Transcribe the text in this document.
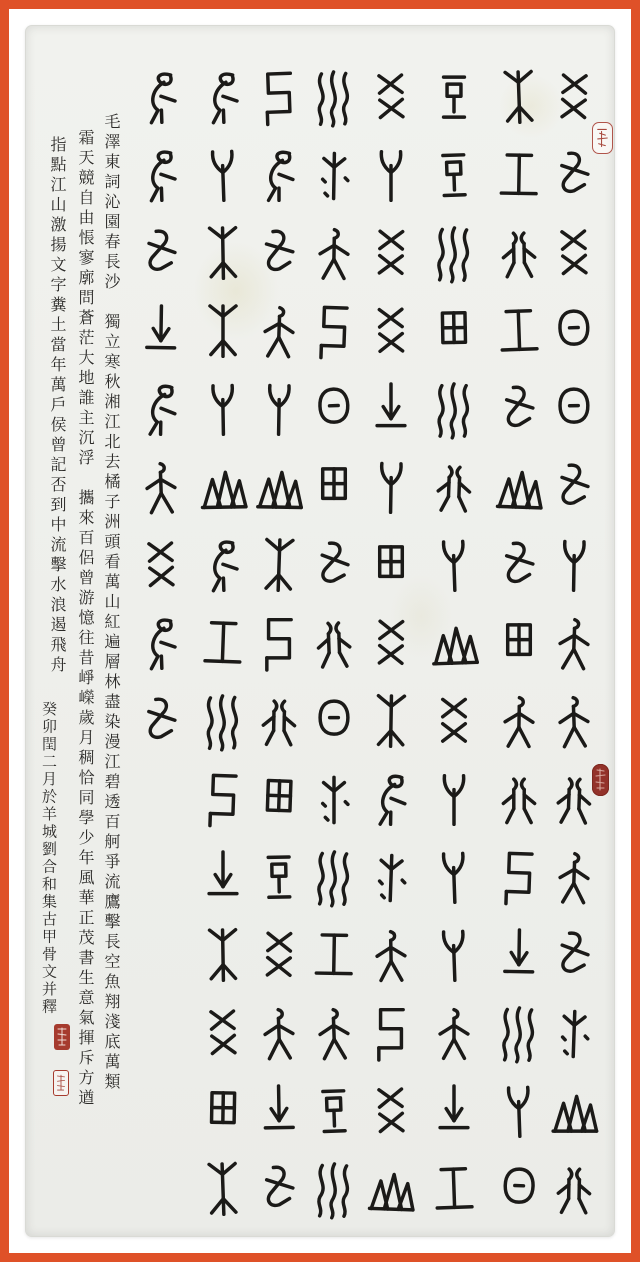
毛澤東詞沁園春長沙　獨立寒秋湘江北去橘子洲頭看萬山紅遍層林盡染漫江碧透百舸爭流鷹擊長空魚翔淺底萬類
霜天競自由悵寥廓問蒼茫大地誰主沉浮　攜來百侶曾游憶往昔崢嶸歲月稠恰同學少年風華正茂書生意氣揮斥方遒
指點江山激揚文字糞土當年萬戶侯曾記否到中流擊水浪遏飛舟
癸卯閏二月於羊城劉合和集古甲骨文并釋
